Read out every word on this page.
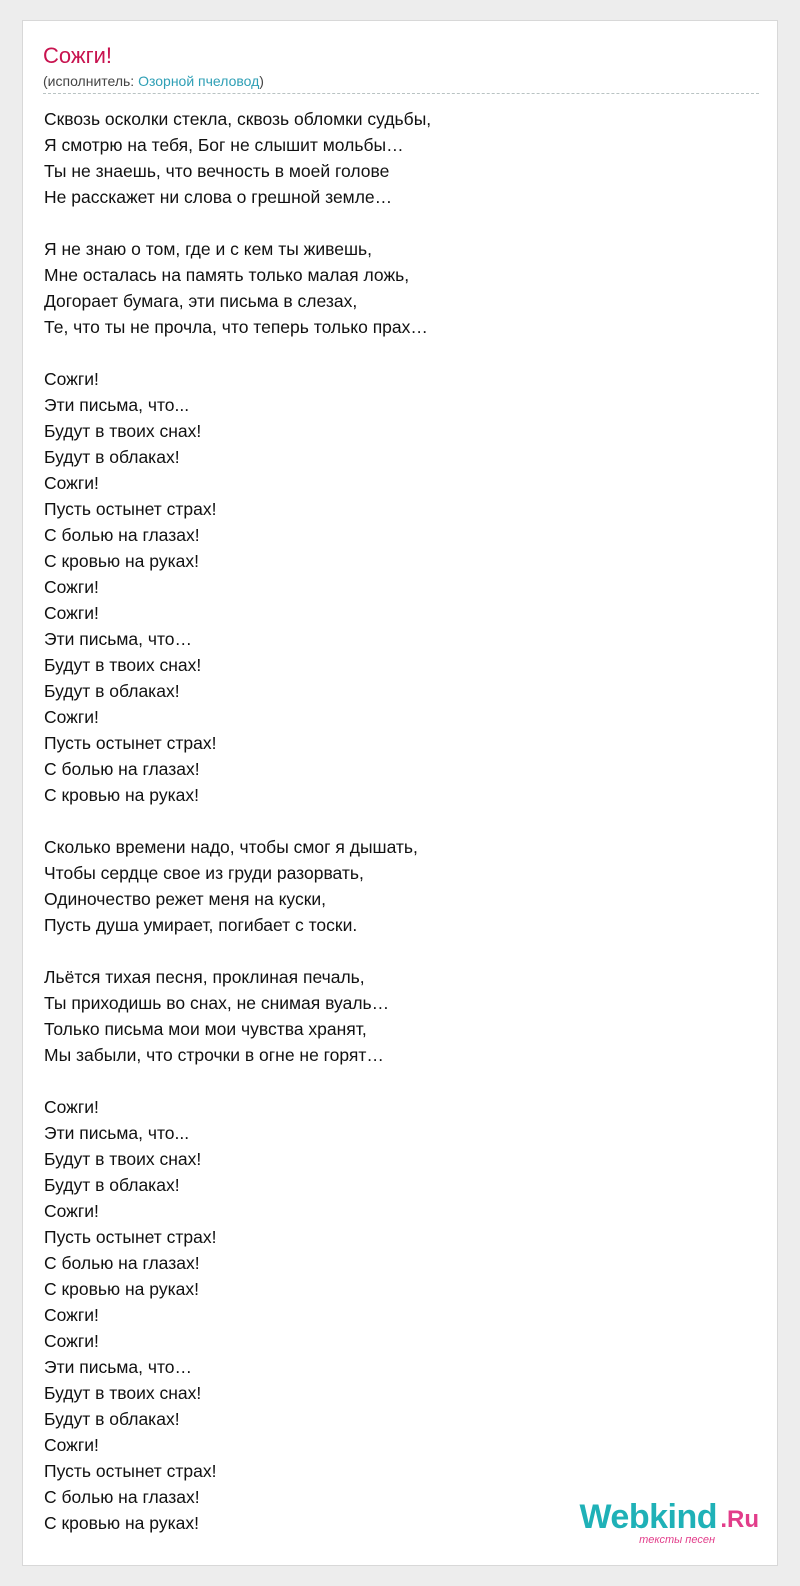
Сожги!
(исполнитель: Озорной пчеловод)
Сквозь осколки стекла, сквозь обломки судьбы,
Я смотрю на тебя, Бог не слышит мольбы…
Ты не знаешь, что вечность в моей голове
Не расскажет ни слова о грешной земле…
Я не знаю о том, где и с кем ты живешь,
Мне осталась на память только малая ложь,
Догорает бумага, эти письма в слезах,
Те, что ты не прочла, что теперь только прах…
Сожги!
Эти письма, что...
Будут в твоих снах!
Будут в облаках!
Сожги!
Пусть остынет страх!
С болью на глазах!
С кровью на руках!
Сожги!
Сожги!
Эти письма, что…
Будут в твоих снах!
Будут в облаках!
Сожги!
Пусть остынет страх!
С болью на глазах!
С кровью на руках!
Сколько времени надо, чтобы смог я дышать,
Чтобы сердце свое из груди разорвать,
Одиночество режет меня на куски,
Пусть душа умирает, погибает с тоски.
Льётся тихая песня, проклиная печаль,
Ты приходишь во снах, не снимая вуаль…
Только письма мои мои чувства хранят,
Мы забыли, что строчки в огне не горят…
Сожги!
Эти письма, что...
Будут в твоих снах!
Будут в облаках!
Сожги!
Пусть остынет страх!
С болью на глазах!
С кровью на руках!
Сожги!
Сожги!
Эти письма, что…
Будут в твоих снах!
Будут в облаках!
Сожги!
Пусть остынет страх!
С болью на глазах!
С кровью на руках!	Webkind .Ru
тексты песен
